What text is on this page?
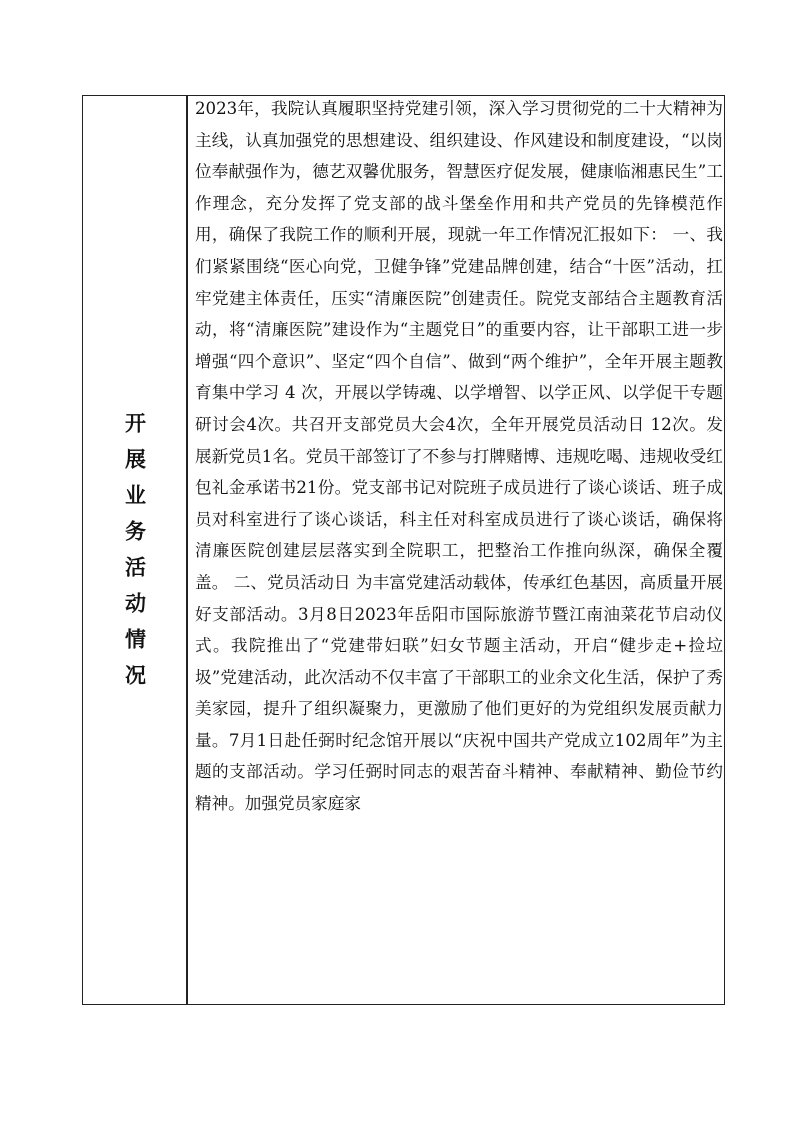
开展业务活动情况

2023年，我院认真履职坚持党建引领，深入学习贯彻党的二十大精神为主线，认真加强党的思想建设、组织建设、作风建设和制度建设，“以岗位奉献强作为，德艺双馨优服务，智慧医疗促发展，健康临湘惠民生”工作理念，充分发挥了党支部的战斗堡垒作用和共产党员的先锋模范作用，确保了我院工作的顺利开展，现就一年工作情况汇报如下： 一、我们紧紧围绕“医心向党，卫健争锋”党建品牌创建，结合“十医”活动，扛牢党建主体责任，压实“清廉医院”创建责任。院党支部结合主题教育活动，将“清廉医院”建设作为“主题党日”的重要内容，让干部职工进一步增强“四个意识”、坚定“四个自信”、做到“两个维护”，全年开展主题教育集中学习 4 次，开展以学铸魂、以学增智、以学正风、以学促干专题研讨会4次。共召开支部党员大会4次，全年开展党员活动日 12次。发展新党员1名。党员干部签订了不参与打牌赌博、违规吃喝、违规收受红包礼金承诺书21份。党支部书记对院班子成员进行了谈心谈话、班子成员对科室进行了谈心谈话，科主任对科室成员进行了谈心谈话，确保将清廉医院创建层层落实到全院职工，把整治工作推向纵深，确保全覆盖。 二、党员活动日 为丰富党建活动载体，传承红色基因，高质量开展好支部活动。3月8日2023年岳阳市国际旅游节暨江南油菜花节启动仪式。我院推出了“党建带妇联”妇女节题主活动，开启“健步走+捡垃圾”党建活动，此次活动不仅丰富了干部职工的业余文化生活，保护了秀美家园，提升了组织凝聚力，更激励了他们更好的为党组织发展贡献力量。7月1日赴任弼时纪念馆开展以“庆祝中国共产党成立102周年”为主题的支部活动。学习任弼时同志的艰苦奋斗精神、奉献精神、勤俭节约精神。加强党员家庭家
